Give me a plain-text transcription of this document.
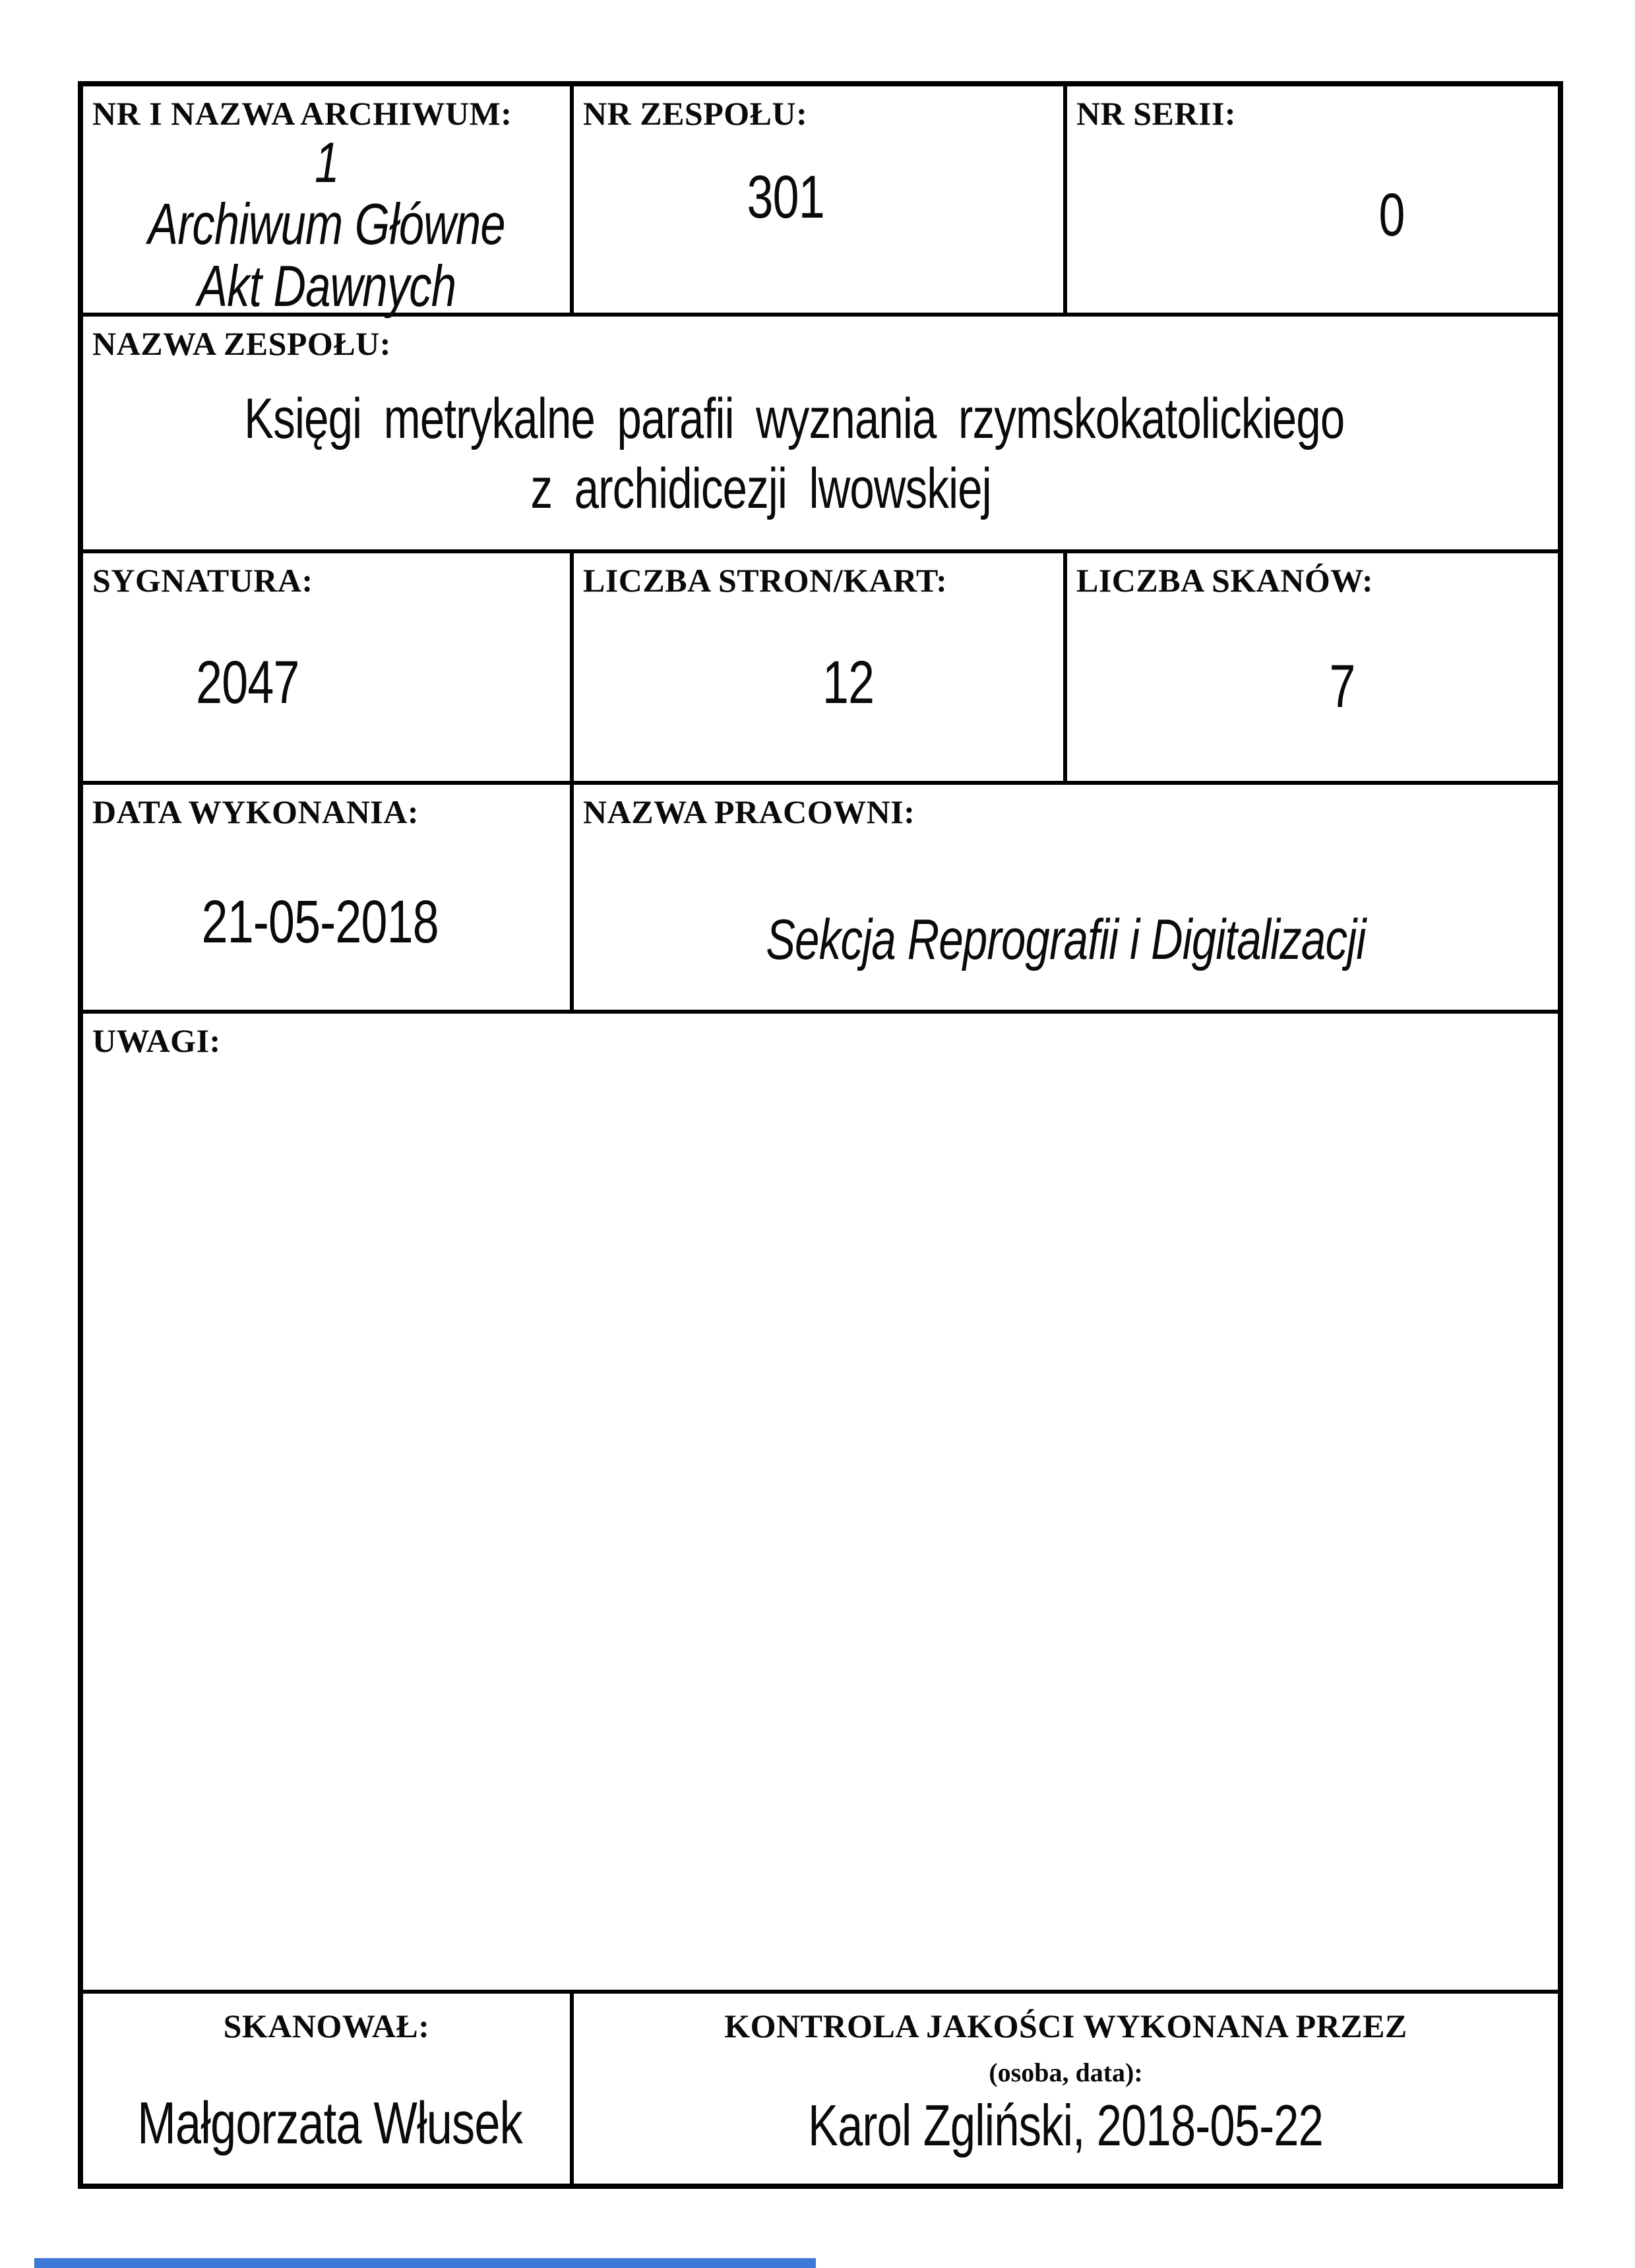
NR I NAZWA ARCHIWUM:
1
Archiwum Główne
Akt Dawnych
NR ZESPOŁU:
301
NR SERII:
0
NAZWA ZESPOŁU:
Księgi metrykalne parafii wyznania rzymskokatolickiego
z archidicezji lwowskiej
SYGNATURA:
2047
LICZBA STRON/KART:
12
LICZBA SKANÓW:
7
DATA WYKONANIA:
21-05-2018
NAZWA PRACOWNI:
Sekcja Reprografii i Digitalizacji
UWAGI:
SKANOWAŁ:
Małgorzata Włusek
KONTROLA JAKOŚCI WYKONANA PRZEZ
(osoba, data):
Karol Zgliński, 2018-05-22
